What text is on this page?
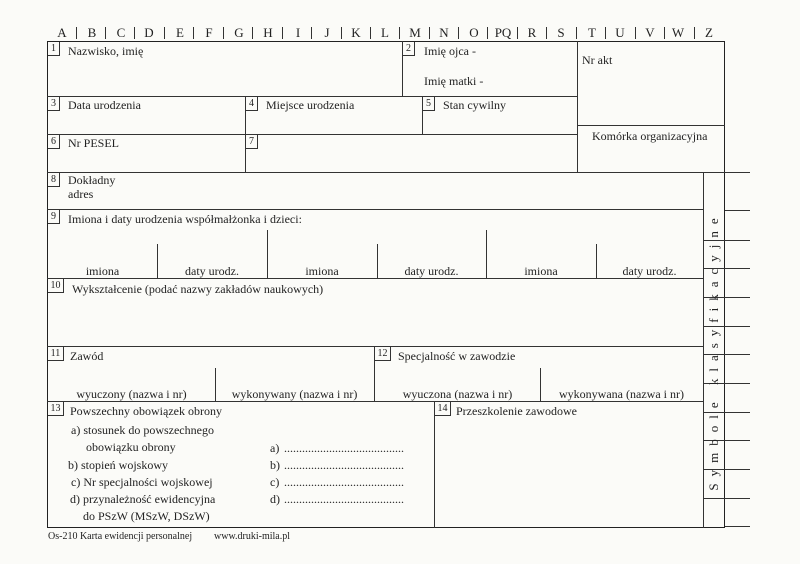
A	B	C	D	E	F	G	H	I	J	K	L	M	N	O	PQ	R	S	T	U	V	W	Z
1	Nazwisko, imię	2	Imię ojca -
Imię matki -
Nr akt
Komórka organizacyjna
3	Data urodzenia	4	Miejsce urodzenia	5	Stan cywilny
6	Nr PESEL	7
8	Dokładny
adres
9	Imiona i daty urodzenia współmałżonka i dzieci:
imiona	daty urodz.	imiona	daty urodz.	imiona	daty urodz.
10 Wykształcenie (podać nazwy zakładów naukowych)
11 Zawód
wyuczony (nazwa i nr)	wykonywany (nazwa i nr)
12 Specjalność w zawodzie
wyuczona (nazwa i nr)	wykonywana (nazwa i nr)
13 Powszechny obowiązek obrony
a) stosunek do powszechnego
obowiązku obrony
b) stopień wojskowy
c) Nr specjalności wojskowej
d) przynależność ewidencyjna
do PSzW (MSzW, DSzW)
a) ........................................
b) ........................................
c) ........................................
d) ........................................
14 Przeszkolenie zawodowe	Symbole klasyfikacyjne
Os-210 Karta ewidencji personalnej www.druki-mila.pl
